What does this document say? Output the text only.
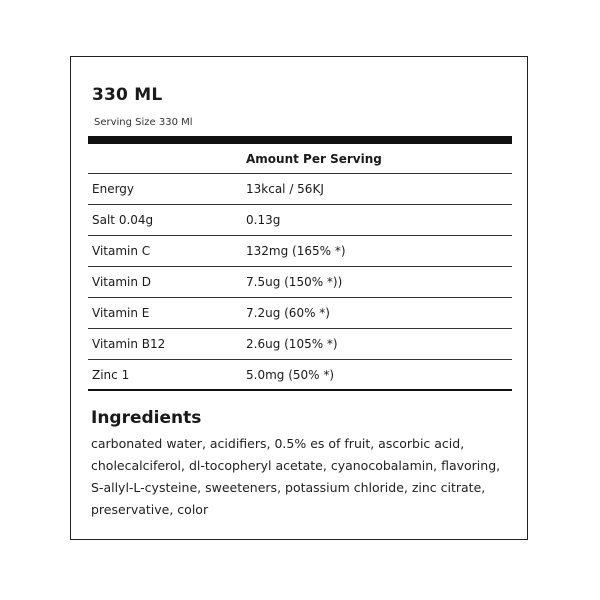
330 ML
Serving Size 330 Ml
Amount Per Serving
Energy	13kcal / 56KJ
Salt 0.04g	0.13g
Vitamin C	132mg (165% *)
Vitamin D	7.5ug (150% *))
Vitamin E	7.2ug (60% *)
Vitamin B12	2.6ug (105% *)
Zinc 1	5.0mg (50% *)
Ingredients
carbonated water, acidifiers, 0.5% es of fruit, ascorbic acid, cholecalciferol, dl-tocopheryl acetate, cyanocobalamin, flavoring, S-allyl-L-cysteine, sweeteners, potassium chloride, zinc citrate, preservative, color
